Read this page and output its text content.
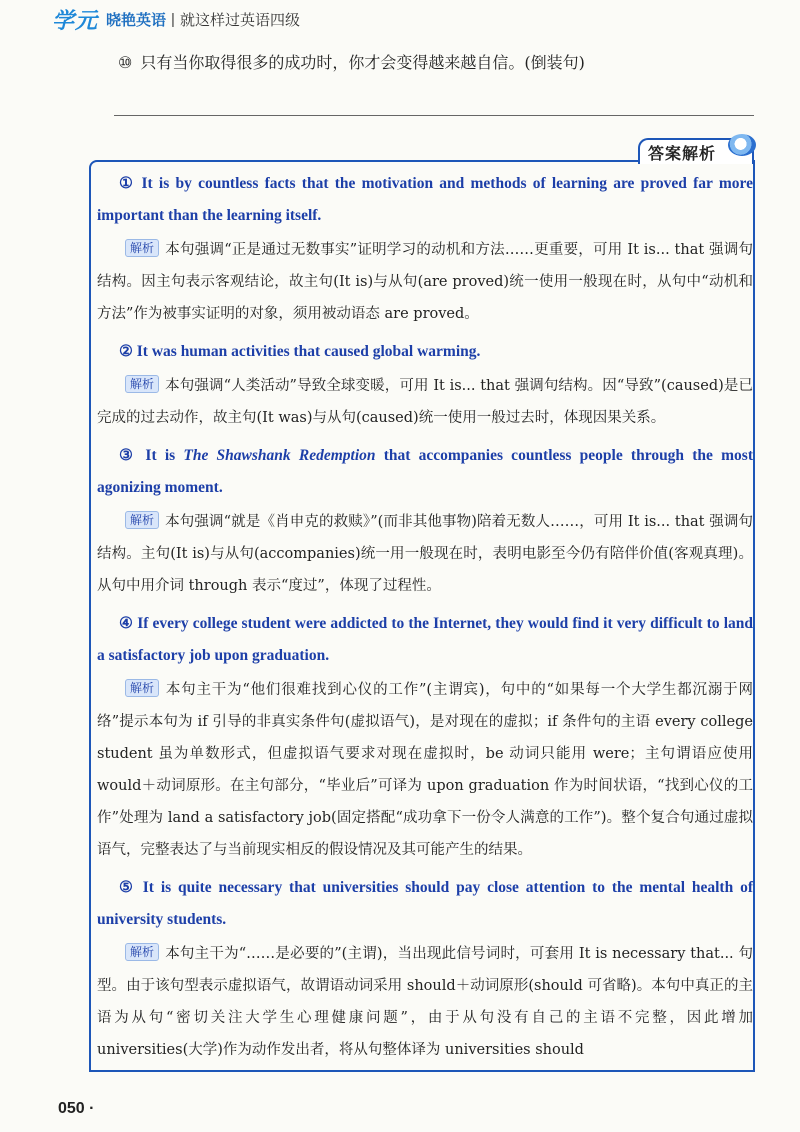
学元 晓艳英语 | 就这样过英语四级
⑩ 只有当你取得很多的成功时，你才会变得越来越自信。(倒装句)
答案解析

① It is by countless facts that the motivation and methods of learning are proved far more important than the learning itself.

解析 本句强调“正是通过无数事实”证明学习的动机和方法……更重要，可用 It is... that 强调句结构。因主句表示客观结论，故主句(It is)与从句(are proved)统一使用一般现在时，从句中“动机和方法”作为被事实证明的对象，须用被动语态 are proved。

② It was human activities that caused global warming.

解析 本句强调“人类活动”导致全球变暖，可用 It is... that 强调句结构。因“导致”(caused)是已完成的过去动作，故主句(It was)与从句(caused)统一使用一般过去时，体现因果关系。

③ It is The Shawshank Redemption that accompanies countless people through the most agonizing moment.

解析 本句强调“就是《肖申克的救赎》”(而非其他事物)陪着无数人……，可用 It is... that 强调句结构。主句(It is)与从句(accompanies)统一用一般现在时，表明电影至今仍有陪伴价值(客观真理)。从句中用介词 through 表示“度过”，体现了过程性。

④ If every college student were addicted to the Internet, they would find it very difficult to land a satisfactory job upon graduation.

解析 本句主干为“他们很难找到心仪的工作”(主谓宾)，句中的“如果每一个大学生都沉溺于网络”提示本句为 if 引导的非真实条件句(虚拟语气)，是对现在的虚拟；if 条件句的主语 every college student 虽为单数形式，但虚拟语气要求对现在虚拟时，be 动词只能用 were；主句谓语应使用 would＋动词原形。在主句部分，“毕业后”可译为 upon graduation 作为时间状语，“找到心仪的工作”处理为 land a satisfactory job(固定搭配“成功拿下一份令人满意的工作”)。整个复合句通过虚拟语气，完整表达了与当前现实相反的假设情况及其可能产生的结果。

⑤ It is quite necessary that universities should pay close attention to the mental health of university students.

解析 本句主干为“……是必要的”(主谓)，当出现此信号词时，可套用 It is necessary that... 句型。由于该句型表示虚拟语气，故谓语动词采用 should＋动词原形(should 可省略)。本句中真正的主语为从句“密切关注大学生心理健康问题”，由于从句没有自己的主语不完整，因此增加 universities(大学)作为动作发出者，将从句整体译为 universities should

050 ·
